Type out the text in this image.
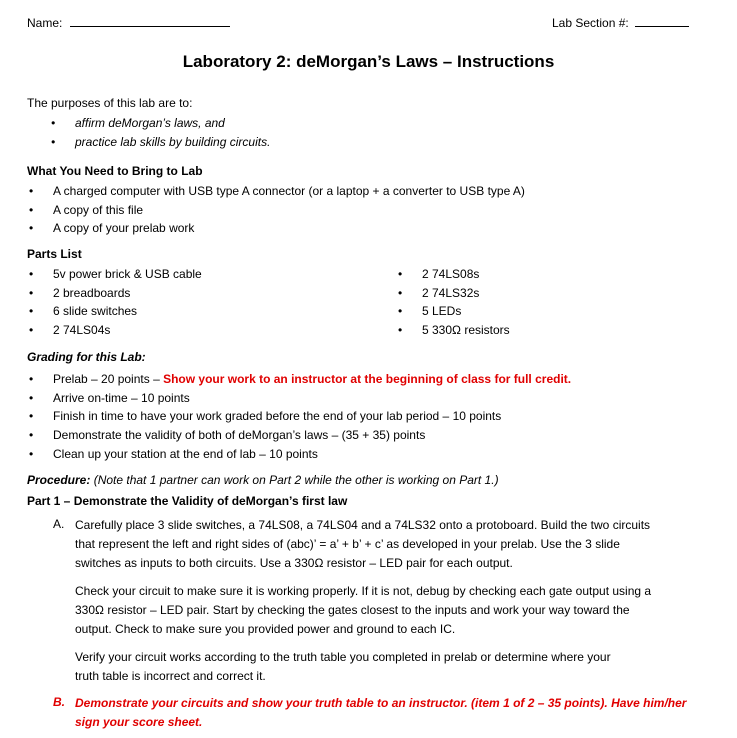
Name:	Lab Section #:
Laboratory 2: deMorgan’s Laws – Instructions
The purposes of this lab are to:
• affirm deMorgan’s laws, and
• practice lab skills by building circuits.
What You Need to Bring to Lab
• A charged computer with USB type A connector (or a laptop + a converter to USB type A)
• A copy of this file
• A copy of your prelab work
Parts List
• 5v power brick & USB cable
• 2 breadboards
• 6 slide switches
• 2 74LS04s
• 2 74LS08s
• 2 74LS32s
• 5 LEDs
• 5 330Ω resistors
Grading for this Lab:
• Prelab – 20 points – Show your work to an instructor at the beginning of class for full credit.
• Arrive on-time – 10 points
• Finish in time to have your work graded before the end of your lab period – 10 points
• Demonstrate the validity of both of deMorgan’s laws – (35 + 35) points
• Clean up your station at the end of lab – 10 points
Procedure: (Note that 1 partner can work on Part 2 while the other is working on Part 1.)
Part 1 – Demonstrate the Validity of deMorgan’s first law
A. Carefully place 3 slide switches, a 74LS08, a 74LS04 and a 74LS32 onto a protoboard. Build the two circuits
that represent the left and right sides of (abc)’ = a’ + b’ + c’ as developed in your prelab. Use the 3 slide
switches as inputs to both circuits. Use a 330Ω resistor – LED pair for each output.
Check your circuit to make sure it is working properly. If it is not, debug by checking each gate output using a
330Ω resistor – LED pair. Start by checking the gates closest to the inputs and work your way toward the
output. Check to make sure you provided power and ground to each IC.
Verify your circuit works according to the truth table you completed in prelab or determine where your
truth table is incorrect and correct it.
B. Demonstrate your circuits and show your truth table to an instructor. (item 1 of 2 – 35 points). Have him/her
sign your score sheet.
